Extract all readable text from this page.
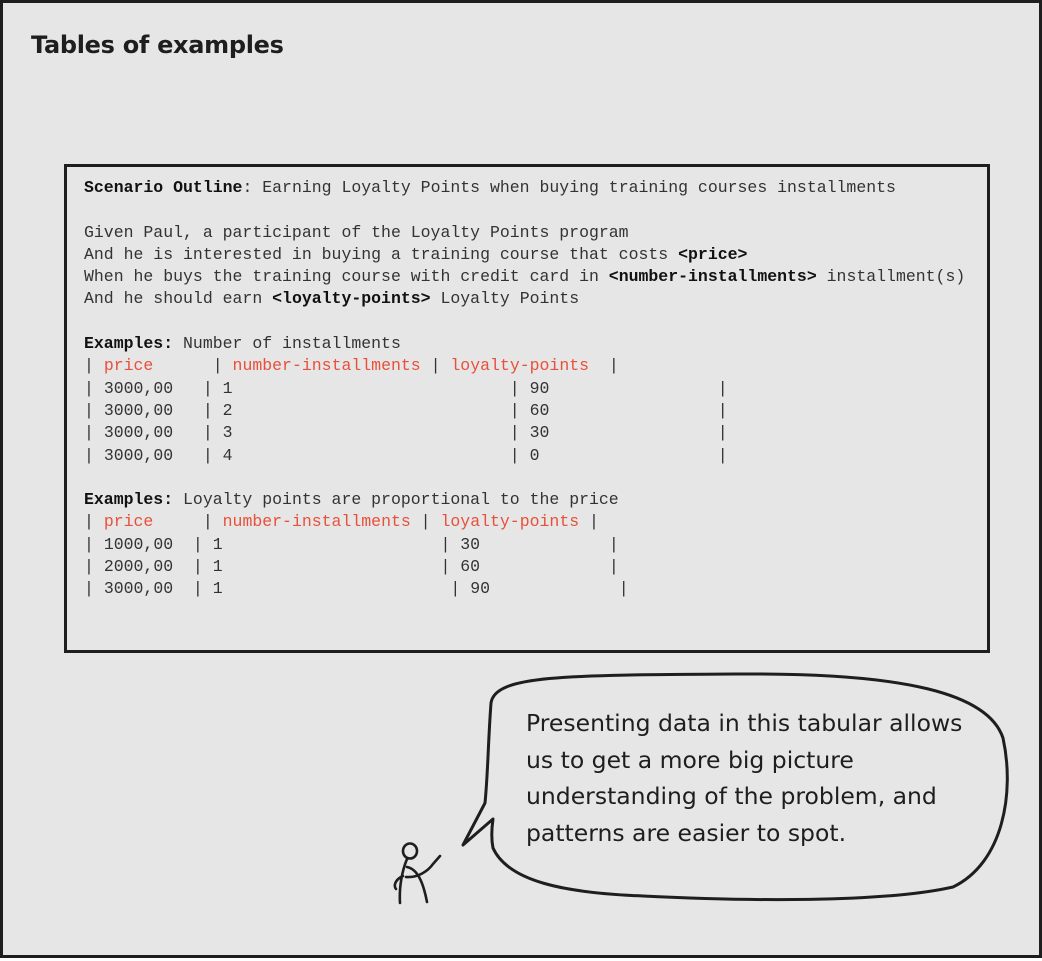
Tables of examples
Scenario Outline: Earning Loyalty Points when buying training courses installments

Given Paul, a participant of the Loyalty Points program
And he is interested in buying a training course that costs <price>
When he buys the training course with credit card in <number-installments> installment(s)
And he should earn <loyalty-points> Loyalty Points

Examples: Number of installments
| price      | number-installments | loyalty-points  |
| 3000,00   | 1                            | 90                 |
| 3000,00   | 2                            | 60                 |
| 3000,00   | 3                            | 30                 |
| 3000,00   | 4                            | 0                  |

Examples: Loyalty points are proportional to the price
| price     | number-installments | loyalty-points |
| 1000,00  | 1                      | 30             |
| 2000,00  | 1                      | 60             |
| 3000,00  | 1                       | 90             |
Presenting data in this tabular allows us to get a more big picture understanding of the problem, and patterns are easier to spot.
